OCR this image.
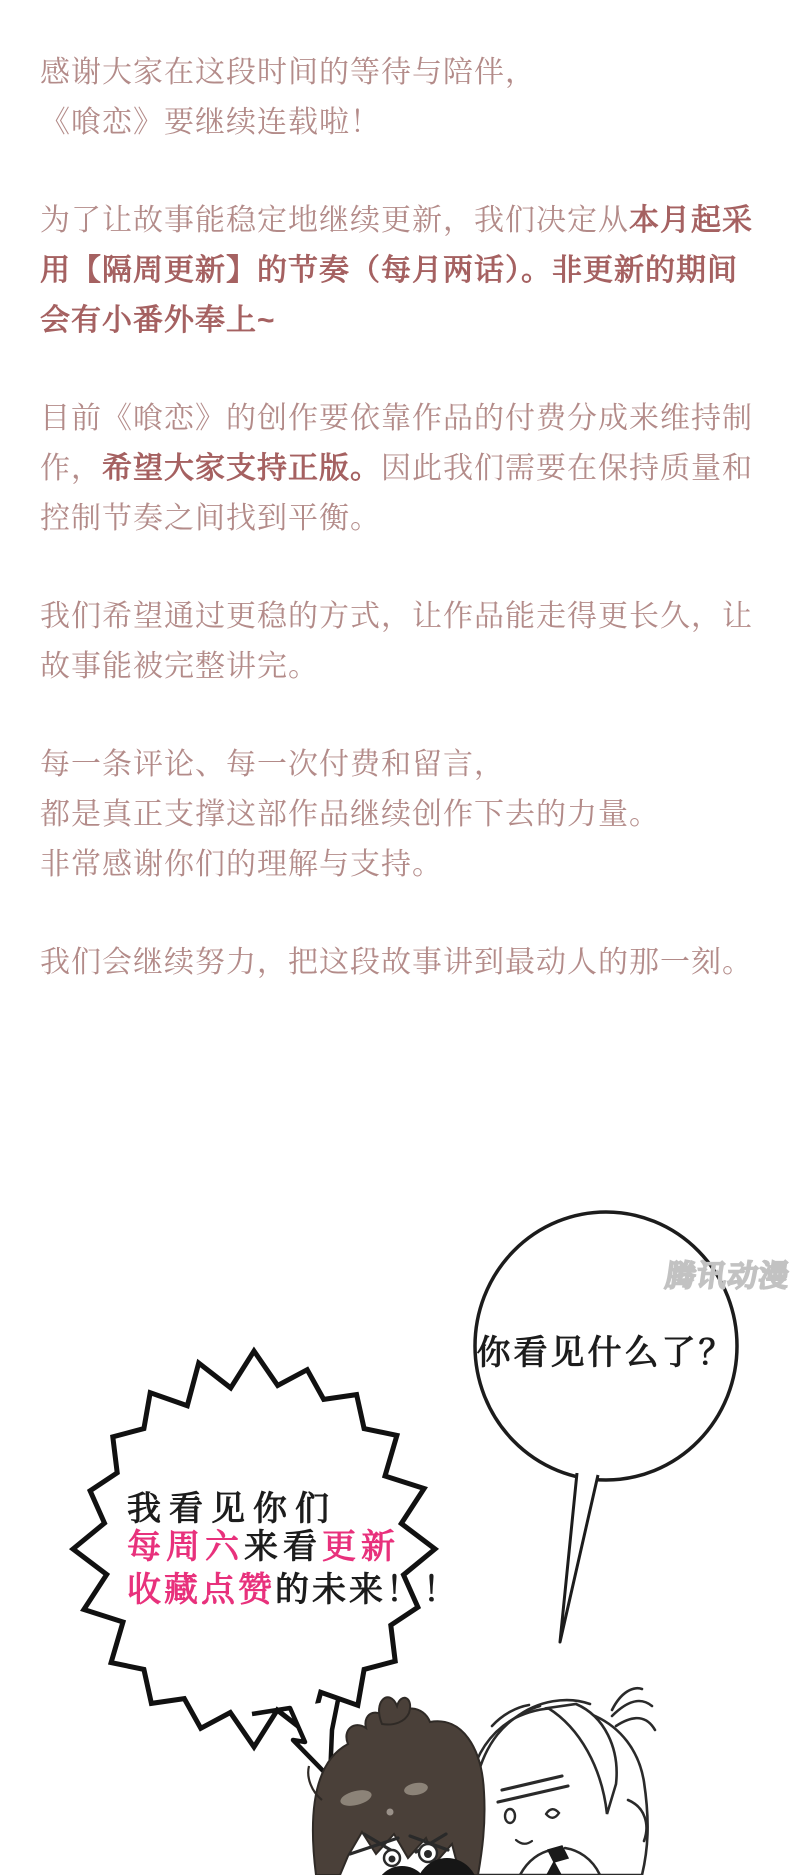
感谢大家在这段时间的等待与陪伴，
《喰恋》要继续连载啦！

为了让故事能稳定地继续更新，我们决定从本月起采
用【隔周更新】的节奏（每月两话）。非更新的期间
会有小番外奉上~

目前《喰恋》的创作要依靠作品的付费分成来维持制
作，希望大家支持正版。因此我们需要在保持质量和
控制节奏之间找到平衡。

我们希望通过更稳的方式，让作品能走得更长久，让
故事能被完整讲完。

每一条评论、每一次付费和留言，
都是真正支撑这部作品继续创作下去的力量。
非常感谢你们的理解与支持。

我们会继续努力，把这段故事讲到最动人的那一刻。

腾讯动漫
你看见什么了？
我看见你们
每周六来看更新
收藏点赞的未来！！
